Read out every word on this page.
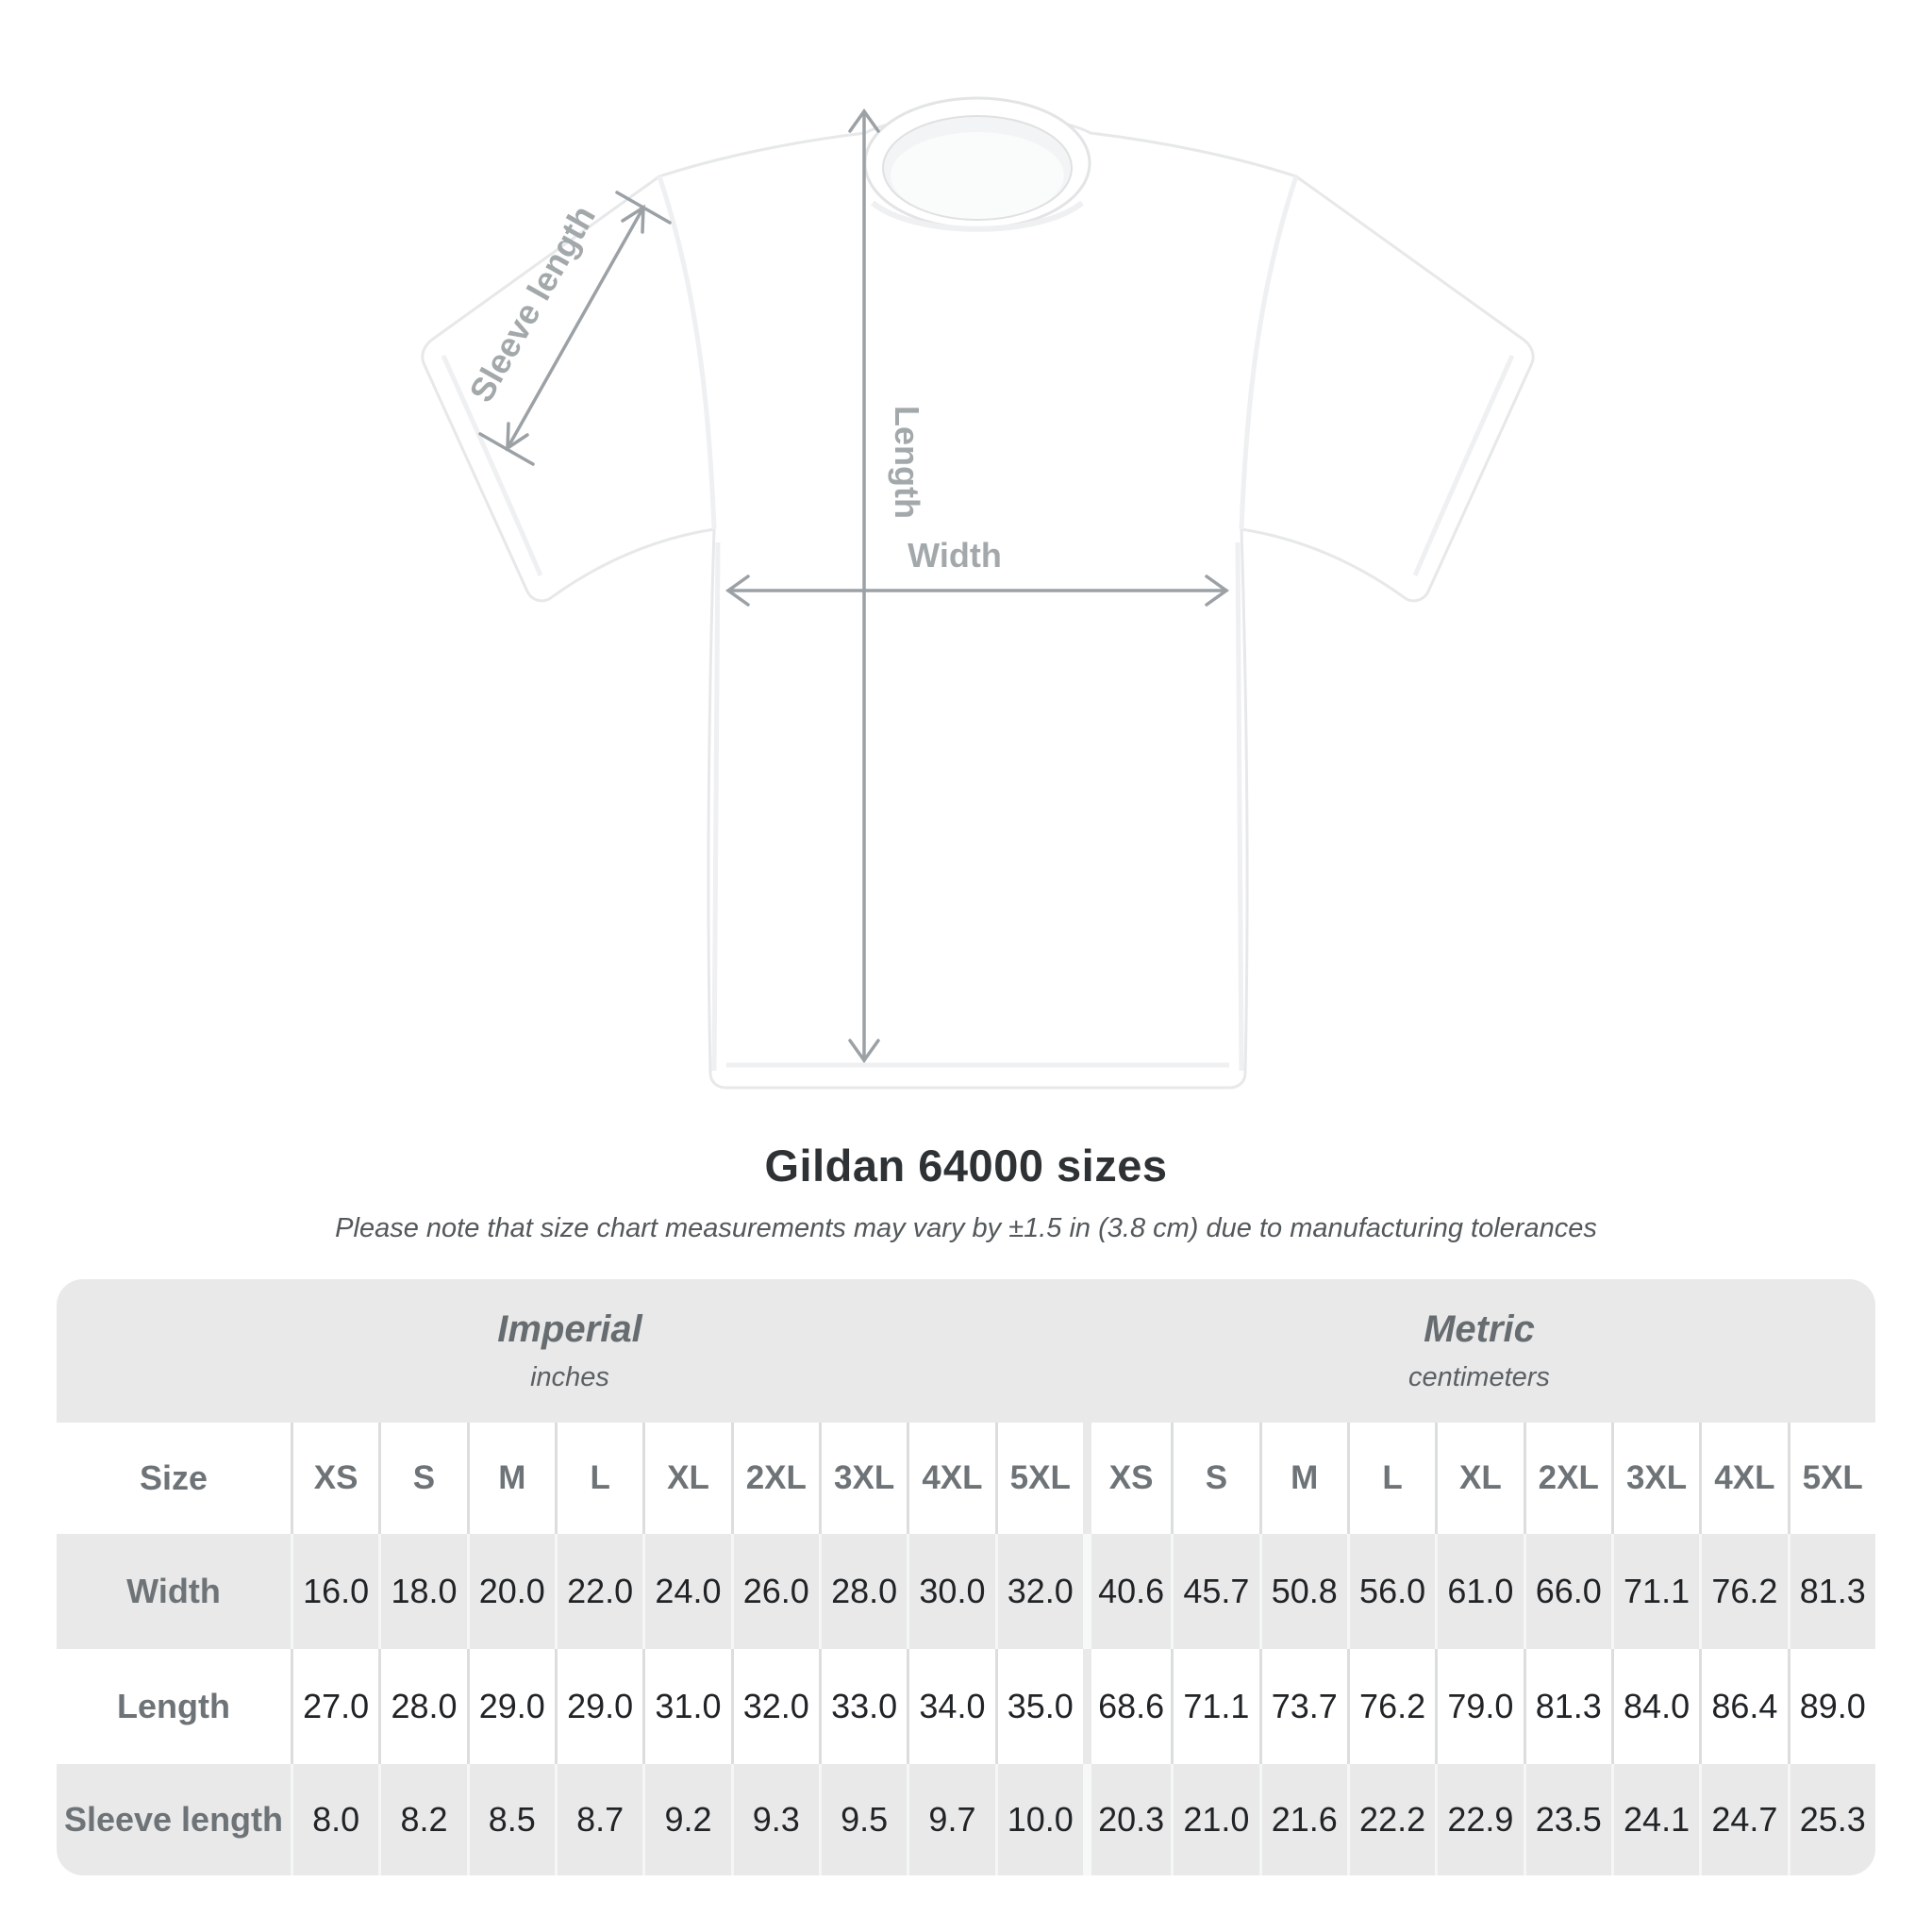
Sleeve length
Length
Width
Gildan 64000 sizes
Please note that size chart measurements may vary by ±1.5 in (3.8 cm) due to manufacturing tolerances
Imperial
inches
Metric
centimeters
Size	XS	S	M	L	XL	2XL 3XL 4XL 5XL	XS	S	M	L	XL	2XL 3XL 4XL 5XL
Width	16.0 18.0 20.0 22.0 24.0 26.0 28.0 30.0 32.0 40.6 45.7 50.8 56.0 61.0 66.0 71.1 76.2 81.3
Length	27.0 28.0 29.0 29.0 31.0 32.0 33.0 34.0 35.0 68.6 71.1 73.7 76.2 79.0 81.3 84.0 86.4 89.0
Sleeve length 8.0	8.2	8.5	8.7	9.2	9.3	9.5	9.7 10.0 20.3 21.0 21.6 22.2 22.9 23.5 24.1 24.7 25.3
